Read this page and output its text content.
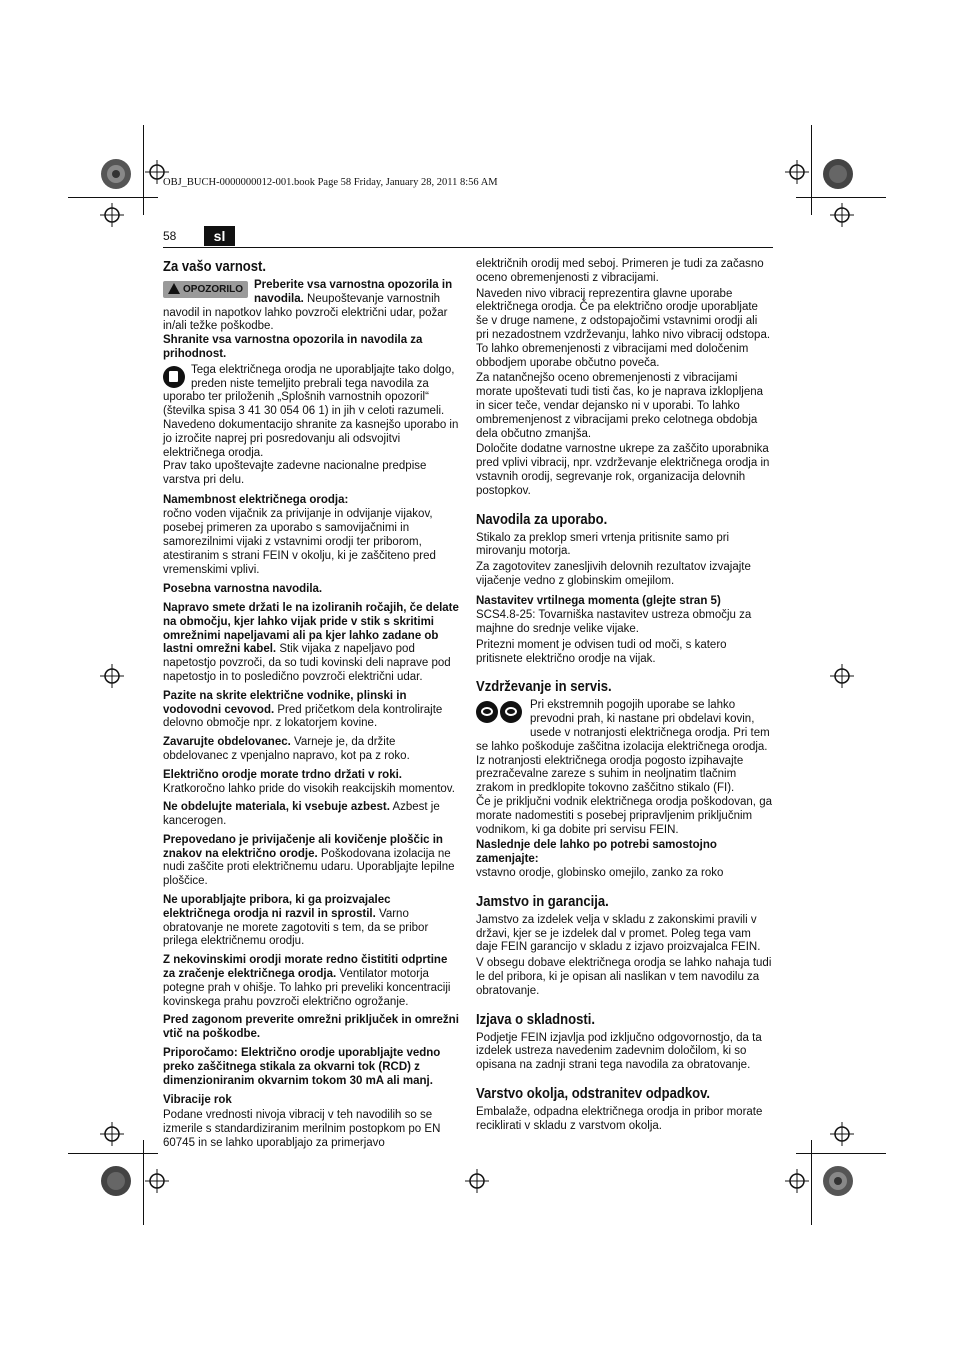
OBJ_BUCH-0000000012-001.book Page 58 Friday, January 28, 2011 8:56 AM
58	sl
Za vašo varnost.
OPOZORILO Preberite vsa varnostna opozorila in navodila. Neupoštevanje varnostnih navodil in napotkov lahko povzroči električni udar, požar in/ali težke poškodbe.

Shranite vsa varnostna opozorila in navodila za prihodnost.

Tega električnega orodja ne uporabljajte tako dolgo, preden niste temeljito prebrali tega navodila za uporabo ter priloženih „Splošnih varnostnih opozoril“ (številka spisa 3 41 30 054 06 1) in jih v celoti razumeli. Navedeno dokumentacijo shranite za kasnejšo uporabo in jo izročite naprej pri posredovanju ali odsvojitvi električnega orodja.

Prav tako upoštevajte zadevne nacionalne predpise varstva pri delu.

Namembnost električnega orodja:

ročno voden vijačnik za privijanje in odvijanje vijakov, posebej primeren za uporabo s samovijačnimi in samorezilnimi vijaki z vstavnimi orodji ter priborom, atestiranim s strani FEIN v okolju, ki je zaščiteno pred vremenskimi vplivi.

Posebna varnostna navodila.

Napravo smete držati le na izoliranih ročajih, če delate na območju, kjer lahko vijak pride v stik s skritimi omrežnimi napeljavami ali pa kjer lahko zadane ob lastni omrežni kabel. Stik vijaka z napeljavo pod napetostjo povzroči, da so tudi kovinski deli naprave pod napetostjo in to posledično povzroči električni udar.

Pazite na skrite električne vodnike, plinski in vodovodni cevovod. Pred pričetkom dela kontrolirajte delovno območje npr. z lokatorjem kovine.

Zavarujte obdelovanec. Varneje je, da držite obdelovanec z vpenjalno napravo, kot pa z roko.

Električno orodje morate trdno držati v roki. Kratkoročno lahko pride do visokih reakcijskih momentov.

Ne obdelujte materiala, ki vsebuje azbest. Azbest je kancerogen.

Prepovedano je privijačenje ali kovičenje ploščic in znakov na električno orodje. Poškodovana izolacija ne nudi zaščite proti električnemu udaru. Uporabljajte lepilne ploščice.

Ne uporabljajte pribora, ki ga proizvajalec električnega orodja ni razvil in sprostil. Varno obratovanje ne morete zagotoviti s tem, da se pribor prilega električnemu orodju.

Z nekovinskimi orodji morate redno čistititi odprtine za zračenje električnega orodja. Ventilator motorja potegne prah v ohišje. To lahko pri preveliki koncentraciji kovinskega prahu povzroči električno ogrožanje.

Pred zagonom preverite omrežni priključek in omrežni vtič na poškodbe.

Priporočamo: Električno orodje uporabljajte vedno preko zaščitnega stikala za okvarni tok (RCD) z dimenzioniranim okvarnim tokom 30 mA ali manj.

Vibracije rok

Podane vrednosti nivoja vibracij v teh navodilih so se izmerile s standardiziranim merilnim postopkom po EN 60745 in se lahko uporabljajo za primerjavo

električnih orodij med seboj. Primeren je tudi za začasno oceno obremenjenosti z vibracijami.

Naveden nivo vibracij reprezentira glavne uporabe električnega orodja. Če pa električno orodje uporabljate še v druge namene, z odstopajočimi vstavnimi orodji ali pri nezadostnem vzdrževanju, lahko nivo vibracij odstopa. To lahko obremenjenosti z vibracijami med določenim obbodjem uporabe občutno poveča.

Za natančnejšo oceno obremenjenosti z vibracijami morate upoštevati tudi tisti čas, ko je naprava izklopljena in sicer teče, vendar dejansko ni v uporabi. To lahko ombremenjenost z vibracijami preko celotnega obdobja dela občutno zmanjša.

Določite dodatne varnostne ukrepe za zaščito uporabnika pred vplivi vibracij, npr. vzdrževanje električnega orodja in vstavnih orodij, segrevanje rok, organizacija delovnih postopkov.

Navodila za uporabo.

Stikalo za preklop smeri vrtenja pritisnite samo pri mirovanju motorja.

Za zagotovitev zanesljivih delovnih rezultatov izvajajte vijačenje vedno z globinskim omejilom.

Nastavitev vrtilnega momenta (glejte stran 5)

SCS4.8-25: Tovarniška nastavitev ustreza območju za majhne do srednje velike vijake.

Pritezni moment je odvisen tudi od moči, s katero pritisnete električno orodje na vijak.

Vzdrževanje in servis.
Pri ekstremnih pogojih uporabe se lahko prevodni prah, ki nastane pri obdelavi kovin, usede v notranjosti električnega orodja. Pri tem se lahko poškoduje zaščitna izolacija električnega orodja. Iz notranjosti električnega orodja pogosto izpihavajte prezračevalne zareze s suhim in neoljnatim tlačnim zrakom in predklopite tokovno zaščitno stikalo (FI).

Če je priključni vodnik električnega orodja poškodovan, ga morate nadomestiti s posebej pripravljenim priključnim vodnikom, ki ga dobite pri servisu FEIN.

Naslednje dele lahko po potrebi samostojno zamenjajte:
vstavno orodje, globinsko omejilo, zanko za roko

Jamstvo in garancija.

Jamstvo za izdelek velja v skladu z zakonskimi pravili v državi, kjer se je izdelek dal v promet. Poleg tega vam daje FEIN garancijo v skladu z izjavo proizvajalca FEIN.

V obsegu dobave električnega orodja se lahko nahaja tudi le del pribora, ki je opisan ali naslikan v tem navodilu za obratovanje.

Izjava o skladnosti.

Podjetje FEIN izjavlja pod izključno odgovornostjo, da ta izdelek ustreza navedenim zadevnim določilom, ki so opisana na zadnji strani tega navodila za obratovanje.

Varstvo okolja, odstranitev odpadkov.

Embalaže, odpadna električnega orodja in pribor morate reciklirati v skladu z varstvom okolja.
